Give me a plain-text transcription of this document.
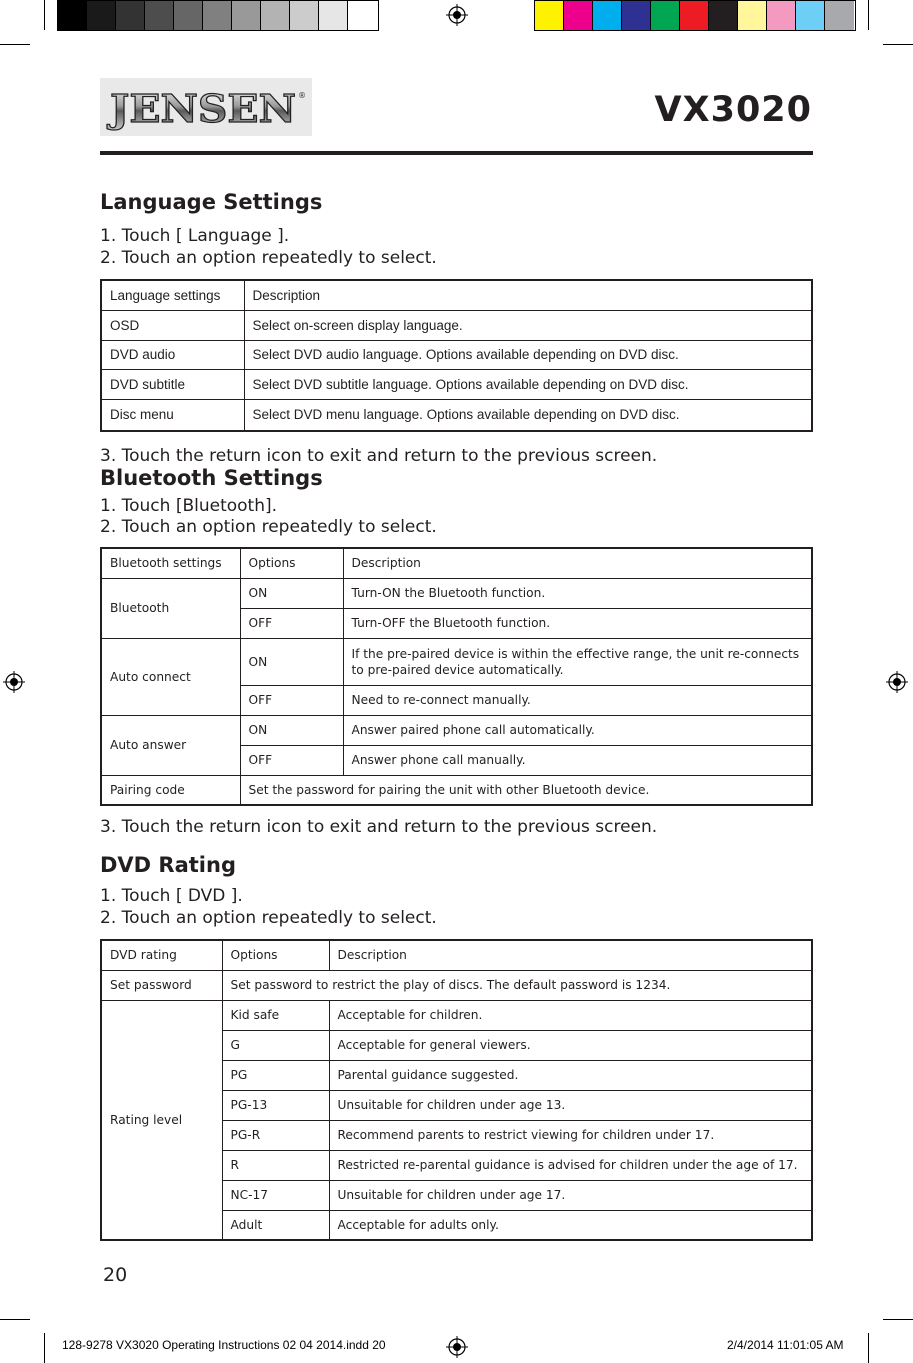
JENSEN ®	VX3020
Language Settings
1. Touch [ Language ].
2. Touch an option repeatedly to select.
Language settings	Description
OSD	Select on-screen display language.
DVD audio	Select DVD audio language. Options available depending on DVD disc.
DVD subtitle	Select DVD subtitle language. Options available depending on DVD disc.
Disc menu	Select DVD menu language. Options available depending on DVD disc.
3. Touch the return icon to exit and return to the previous screen.
Bluetooth Settings
1. Touch [Bluetooth].
2. Touch an option repeatedly to select.
Bluetooth settings	Options	Description
Bluetooth	ON	Turn-ON the Bluetooth function.
	OFF	Turn-OFF the Bluetooth function.
Auto connect	ON	If the pre-paired device is within the effective range, the unit re-connects to pre-paired device automatically.
	OFF	Need to re-connect manually.
Auto answer	ON	Answer paired phone call automatically.
	OFF	Answer phone call manually.
Pairing code	Set the password for pairing the unit with other Bluetooth device.	
3. Touch the return icon to exit and return to the previous screen.
DVD Rating
1. Touch [ DVD ].
2. Touch an option repeatedly to select.
DVD rating	Options	Description
Set password	Set password to restrict the play of discs. The default password is 1234.	
Rating level	Kid safe	Acceptable for children.
	G	Acceptable for general viewers.
	PG	Parental guidance suggested.
	PG-13	Unsuitable for children under age 13.
	PG-R	Recommend parents to restrict viewing for children under 17.
	R	Restricted re-parental guidance is advised for children under the age of 17.
	NC-17	Unsuitable for children under age 17.
	Adult	Acceptable for adults only.
20
128-9278 VX3020 Operating Instructions 02 04 2014.indd 20	2/4/2014 11:01:05 AM
